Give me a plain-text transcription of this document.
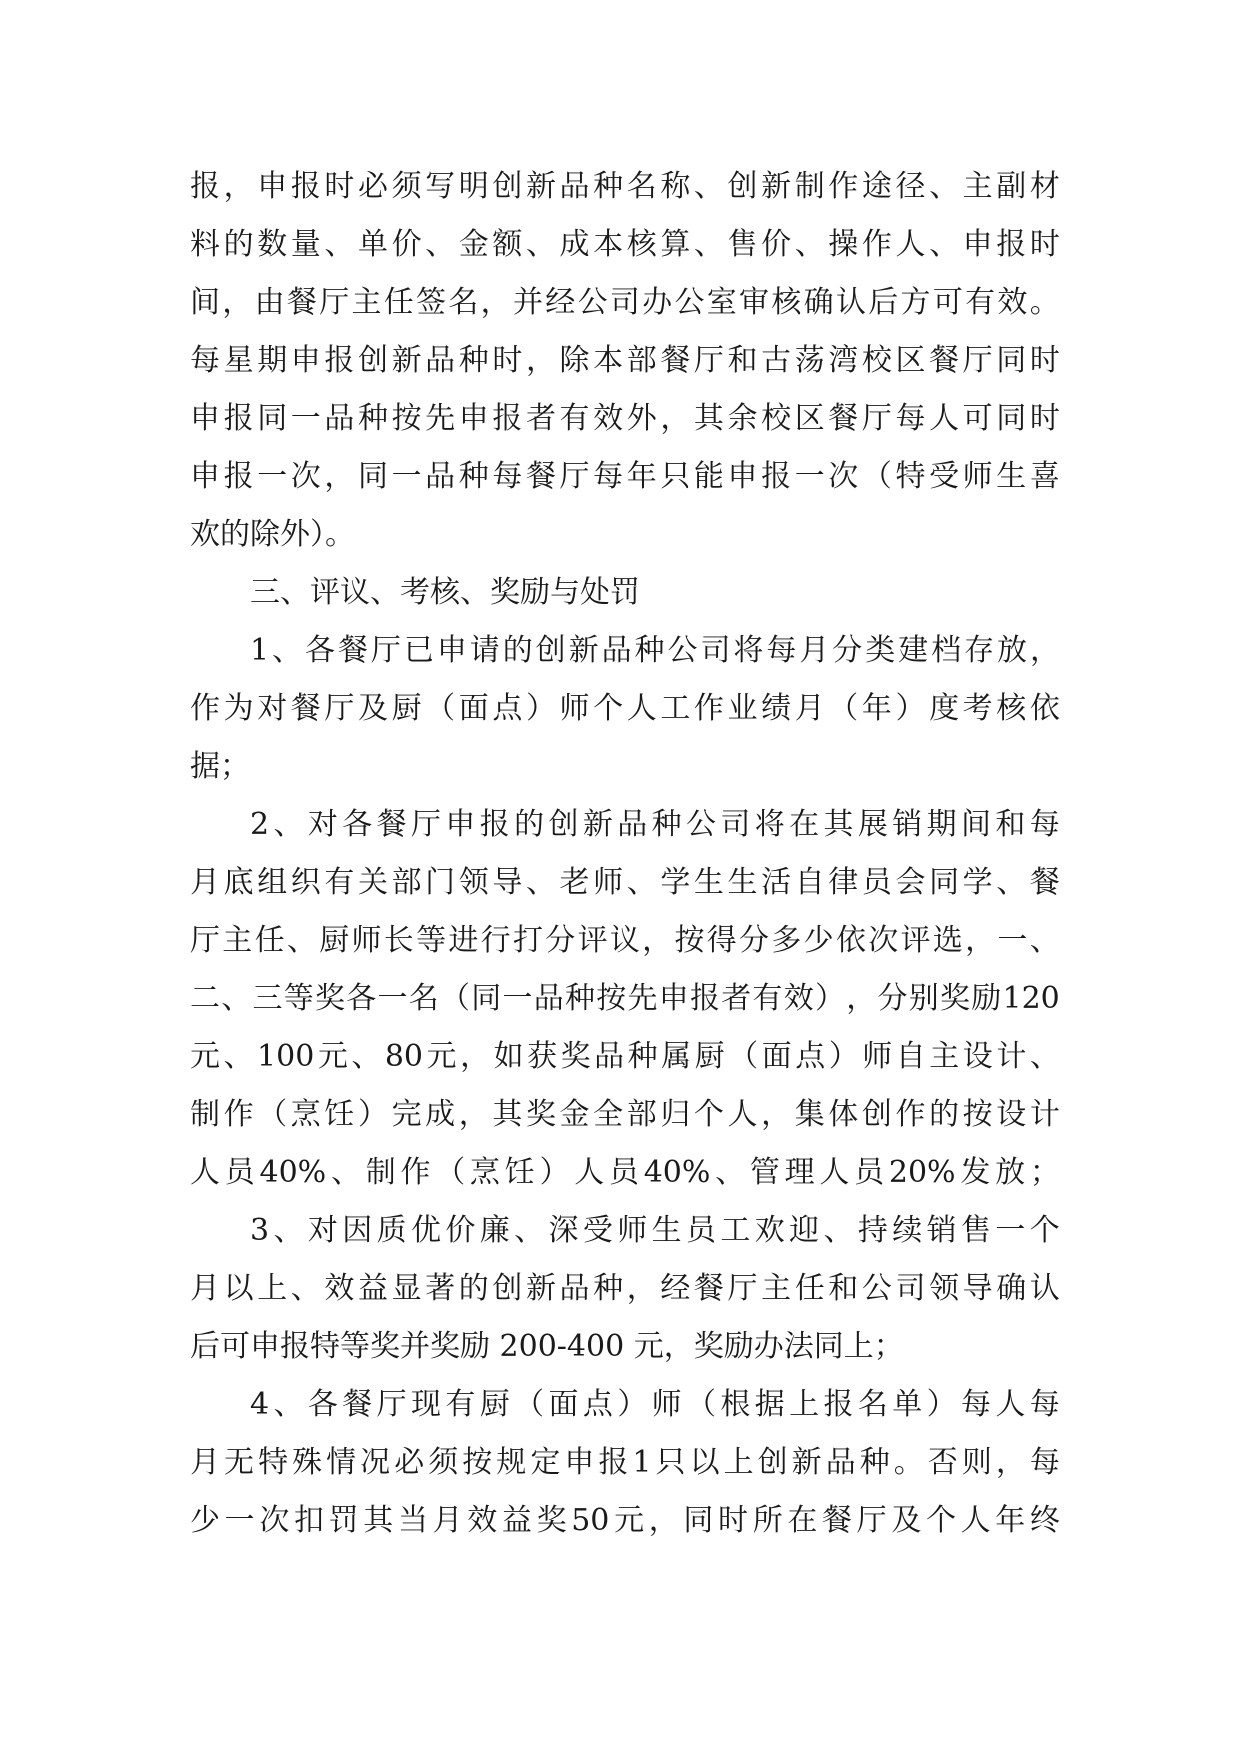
报 ， 申 报 时 必 须 写 明 创 新 品 种 名 称 、 创 新 制 作 途 径 、 主 副 材
料 的 数 量 、 单 价 、 金 额 、 成 本 核 算 、 售 价 、 操 作 人 、 申 报 时
间 ， 由 餐 厅 主 任 签 名 ， 并 经 公 司 办 公 室 审 核 确 认 后 方 可 有 效 。
每 星 期 申 报 创 新 品 种 时 ， 除 本 部 餐 厅 和 古 荡 湾 校 区 餐 厅 同 时
申 报 同 一 品 种 按 先 申 报 者 有 效 外 ， 其 余 校 区 餐 厅 每 人 可 同 时
申 报 一 次 ， 同 一 品 种 每 餐 厅 每 年 只 能 申 报 一 次 （ 特 受 师 生 喜
欢的除外）。
三、评议、考核、奖励与处罚
1 、 各 餐 厅 已 申 请 的 创 新 品 种 公 司 将 每 月 分 类 建 档 存 放 ，
作 为 对 餐 厅 及 厨 （ 面 点 ） 师 个 人 工 作 业 绩 月 （ 年 ） 度 考 核 依
据；
2 、 对 各 餐 厅 申 报 的 创 新 品 种 公 司 将 在 其 展 销 期 间 和 每
月 底 组 织 有 关 部 门 领 导 、 老 师 、 学 生 生 活 自 律 员 会 同 学 、 餐
厅 主 任 、 厨 师 长 等 进 行 打 分 评 议 ， 按 得 分 多 少 依 次 评 选 ， 一 、
二 、 三 等 奖 各 一 名 （ 同 一 品 种 按 先 申 报 者 有 效 ） ， 分 别 奖 励 120
元 、 100 元 、 80 元 ， 如 获 奖 品 种 属 厨 （ 面 点 ） 师 自 主 设 计 、
制 作 （ 烹 饪 ） 完 成 ， 其 奖 金 全 部 归 个 人 ， 集 体 创 作 的 按 设 计
人 员 40% 、 制 作 （ 烹 饪 ） 人 员 40% 、 管 理 人 员 20% 发 放 ；
3 、 对 因 质 优 价 廉 、 深 受 师 生 员 工 欢 迎 、 持 续 销 售 一 个
月 以 上 、 效 益 显 著 的 创 新 品 种 ， 经 餐 厅 主 任 和 公 司 领 导 确 认
后可申报特等奖并奖励 200-400 元，奖励办法同上；
4 、 各 餐 厅 现 有 厨 （ 面 点 ） 师 （ 根 据 上 报 名 单 ） 每 人 每
月 无 特 殊 情 况 必 须 按 规 定 申 报 1 只 以 上 创 新 品 种 。 否 则 ， 每
少 一 次 扣 罚 其 当 月 效 益 奖 50 元 ， 同 时 所 在 餐 厅 及 个 人 年 终
